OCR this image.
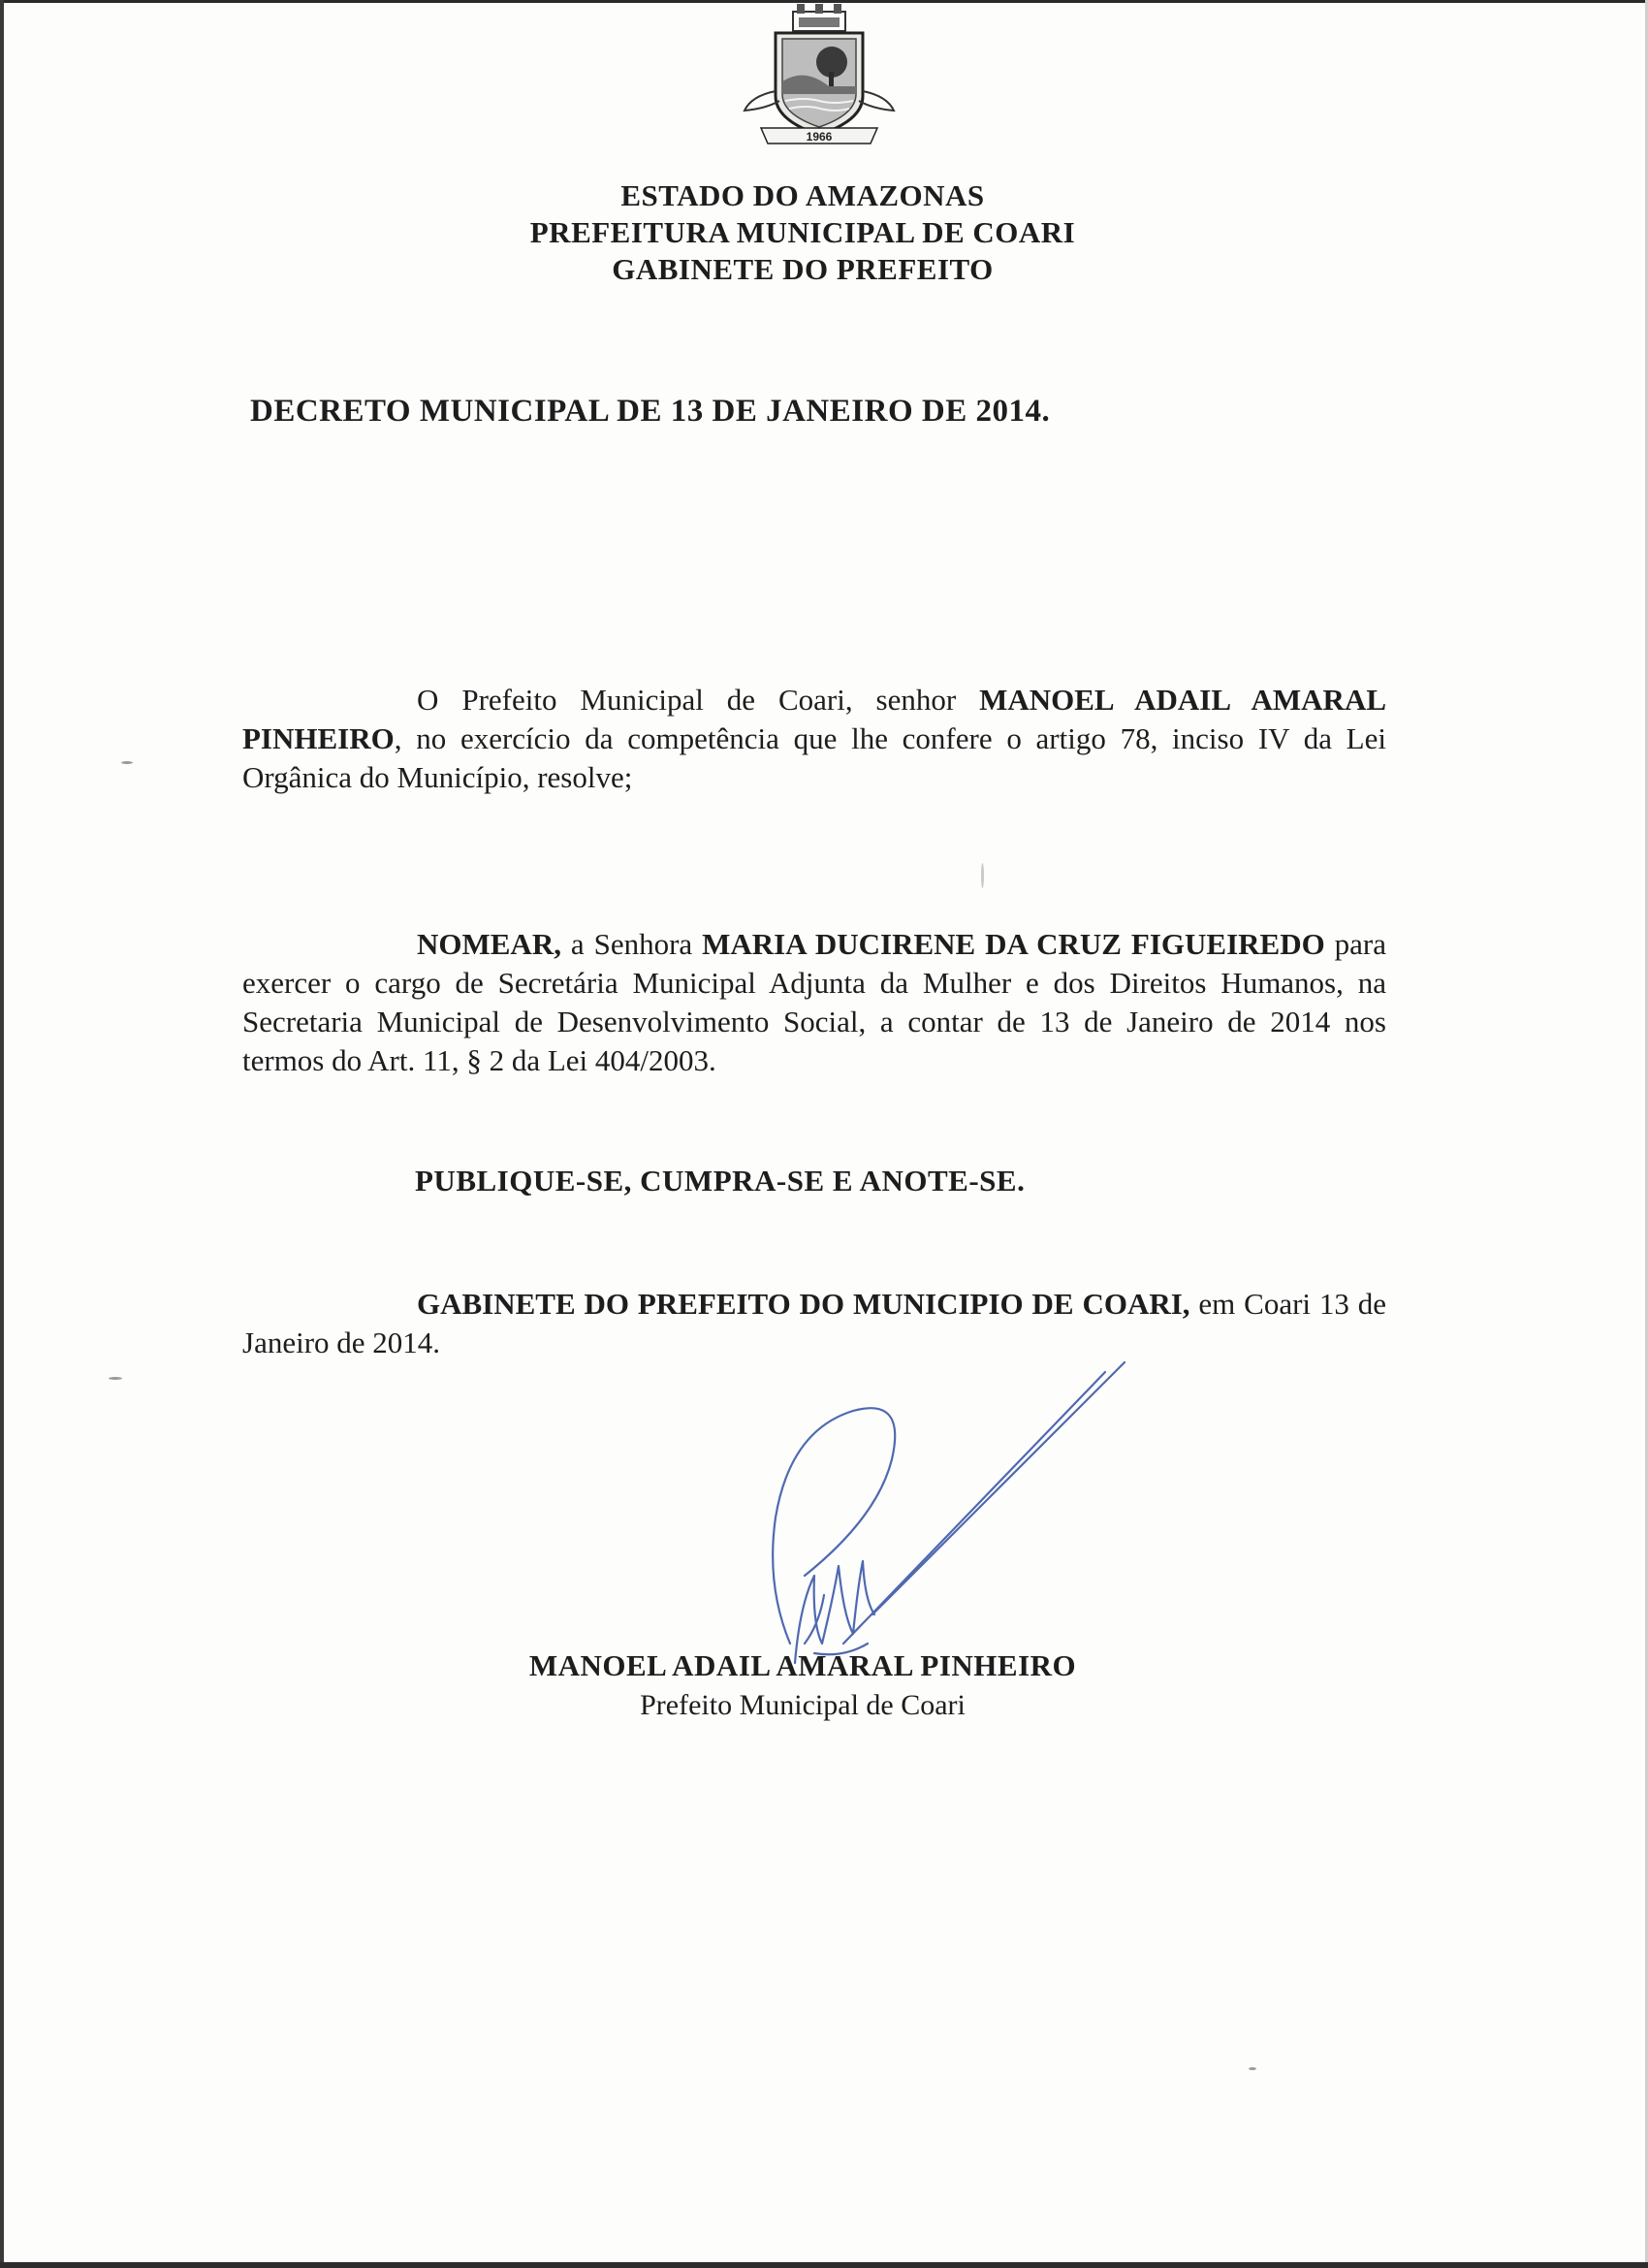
1966
ESTADO DO AMAZONAS
PREFEITURA MUNICIPAL DE COARI
GABINETE DO PREFEITO
DECRETO MUNICIPAL DE 13 DE JANEIRO DE 2014.
O Prefeito Municipal de Coari, senhor MANOEL ADAIL AMARAL PINHEIRO, no exercício da competência que lhe confere o artigo 78, inciso IV da Lei Orgânica do Município, resolve;
NOMEAR, a Senhora MARIA DUCIRENE DA CRUZ FIGUEIREDO para exercer o cargo de Secretária Municipal Adjunta da Mulher e dos Direitos Humanos, na Secretaria Municipal de Desenvolvimento Social, a contar de 13 de Janeiro de 2014 nos termos do Art. 11, § 2 da Lei 404/2003.
PUBLIQUE-SE, CUMPRA-SE E ANOTE-SE.
GABINETE DO PREFEITO DO MUNICIPIO DE COARI, em Coari 13 de Janeiro de 2014.
MANOEL ADAIL AMARAL PINHEIRO
Prefeito Municipal de Coari
